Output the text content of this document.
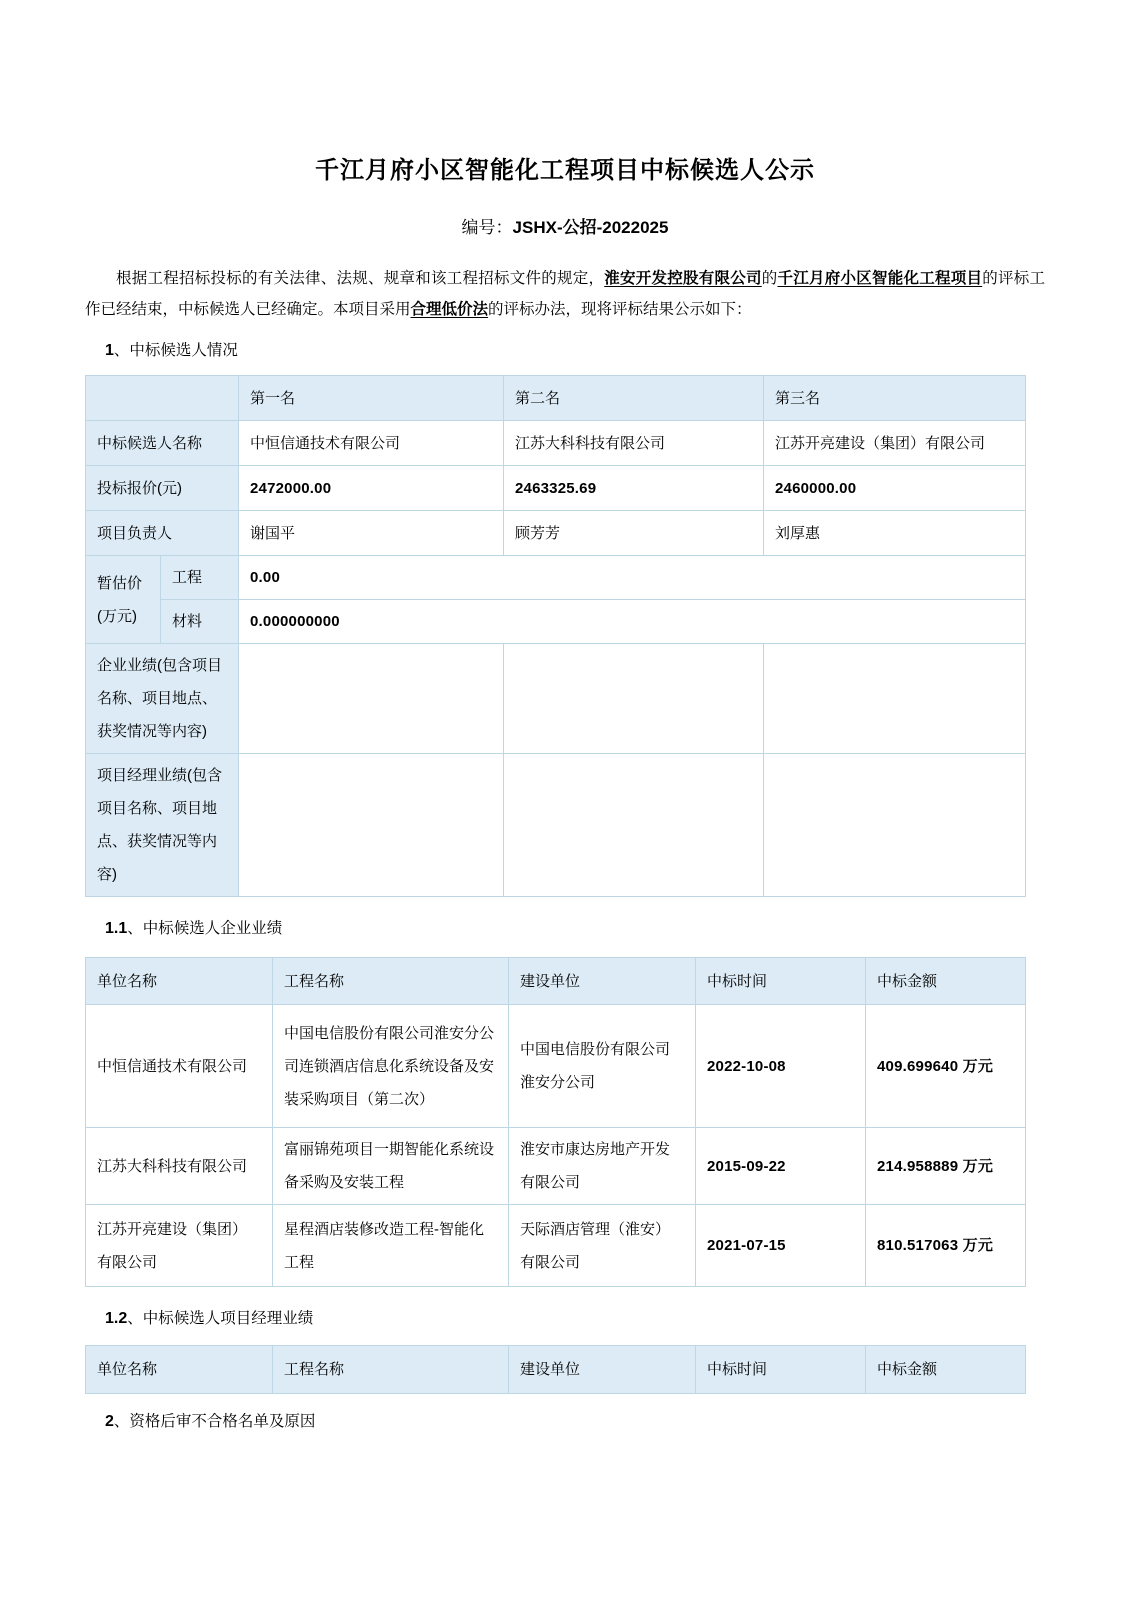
千江月府小区智能化工程项目中标候选人公示
编号：JSHX-公招-2022025

根据工程招标投标的有关法律、法规、规章和该工程招标文件的规定，淮安开发控股有限公司的千江月府小区智能化工程项目的评标工作已经结束，中标候选人已经确定。本项目采用合理低价法的评标办法，现将评标结果公示如下：

1、中标候选人情况
		第一名	第二名	第三名
中标候选人名称		中恒信通技术有限公司	江苏大科科技有限公司	江苏开亮建设（集团）有限公司
投标报价(元)		2472000.00	2463325.69	2460000.00
项目负责人		谢国平	顾芳芳	刘厚惠

暂估价
(万元)	工程	0.00		
	材料	0.000000000		
企业业绩(包含项目名称、项目地点、获奖情况等内容)				
项目经理业绩(包含项目名称、项目地点、获奖情况等内容)				
1.1、中标候选人企业业绩
单位名称	工程名称	建设单位	中标时间	中标金额
中恒信通技术有限公司	中国电信股份有限公司淮安分公司连锁酒店信息化系统设备及安装采购项目（第二次）	中国电信股份有限公司淮安分公司	2022-10-08	409.699640 万元
江苏大科科技有限公司	富丽锦苑项目一期智能化系统设备采购及安装工程	淮安市康达房地产开发有限公司	2015-09-22	214.958889 万元
江苏开亮建设（集团）有限公司	星程酒店装修改造工程-智能化工程	天际酒店管理（淮安）有限公司	2021-07-15	810.517063 万元
1.2、中标候选人项目经理业绩
单位名称	工程名称	建设单位	中标时间	中标金额
2、资格后审不合格名单及原因
